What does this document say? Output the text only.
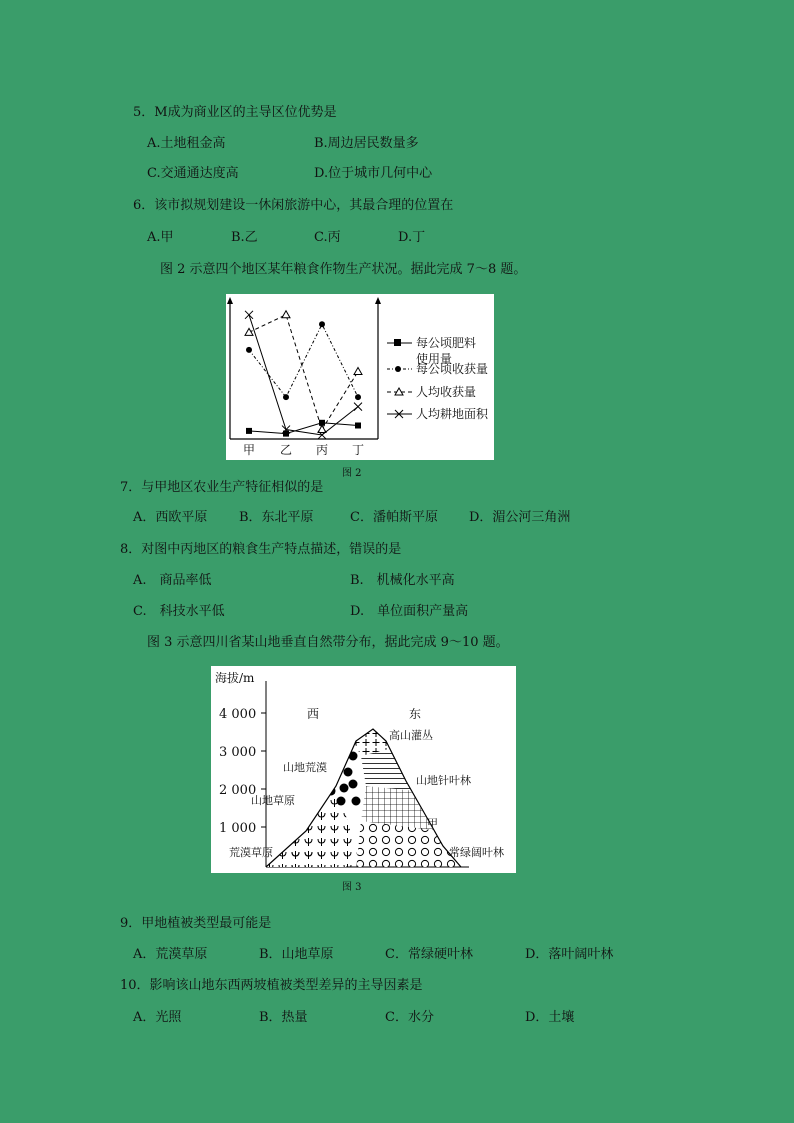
5．M成为商业区的主导区位优势是
A.土地租金高	B.周边居民数量多
C.交通通达度高	D.位于城市几何中心
6．该市拟规划建设一休闲旅游中心，其最合理的位置在
A.甲	B.乙	C.丙	D.丁
图 2 示意四个地区某年粮食作物生产状况。据此完成 7～8 题。
甲 乙 丙 丁
每公顷肥料
使用量
每公顷收获量
人均收获量
人均耕地面积
图 2
7．与甲地区农业生产特征相似的是
A．西欧平原 B．东北平原	C．潘帕斯平原 D．湄公河三角洲
8．对图中丙地区的粮食生产特点描述，错误的是
A.　商品率低	B.　机械化水平高
C.　科技水平低	D.　单位面积产量高
图 3 示意四川省某山地垂直自然带分布，据此完成 9～10 题。
海拔/m
4 000
3 000
2 000
1 000
西	东
高山灌丛
山地荒漠
山地针叶林
山地草原
甲
荒漠草原	常绿阔叶林
图 3
9．甲地植被类型最可能是
A．荒漠草原	B．山地草原	C．常绿硬叶林	D．落叶阔叶林
10．影响该山地东西两坡植被类型差异的主导因素是
A．光照	B．热量	C．水分	D．土壤
